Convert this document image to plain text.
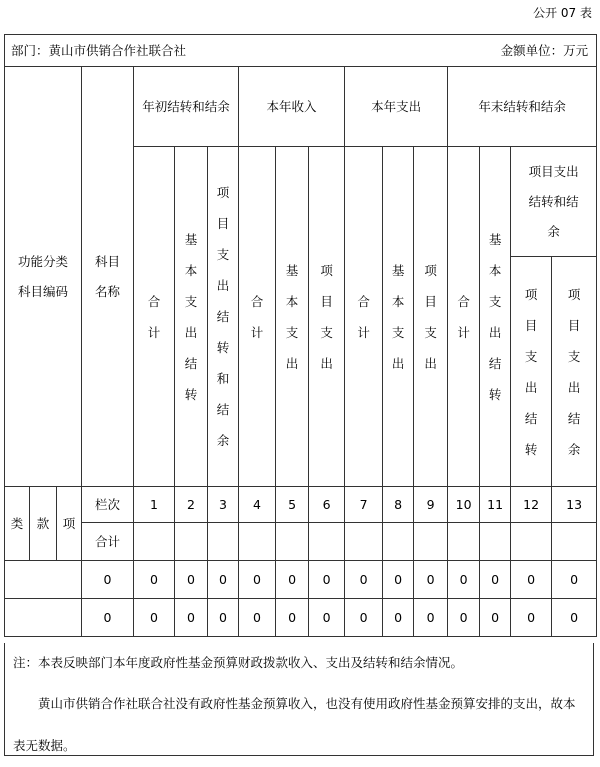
公开 07 表
部门：黄山市供销合作社联合社													金额单位：万元			

功能分类科目编码			科目名称	年初结转和结余			本年收入			本年支出			年末结转和结余			
				合计	基本支出结转	项目支出结转和结余	合计	基本支出	项目支出	合计	基本支出	项目支出	合计	基本支出结转	项目支出结转和结余	

															项目支出结转	项目支出结余
类	款	项	栏次	1	2	3	4	5	6	7	8	9	10	11	12	13
			合计													
			0	0	0	0	0	0	0	0	0	0	0	0	0	0
			0	0	0	0	0	0	0	0	0	0	0	0	0	0

注：本表反映部门本年度政府性基金预算财政拨款收入、支出及结转和结余情况。

黄山市供销合作社联合社没有政府性基金预算收入，也没有使用政府性基金预算安排的支出，故本表无数据。
